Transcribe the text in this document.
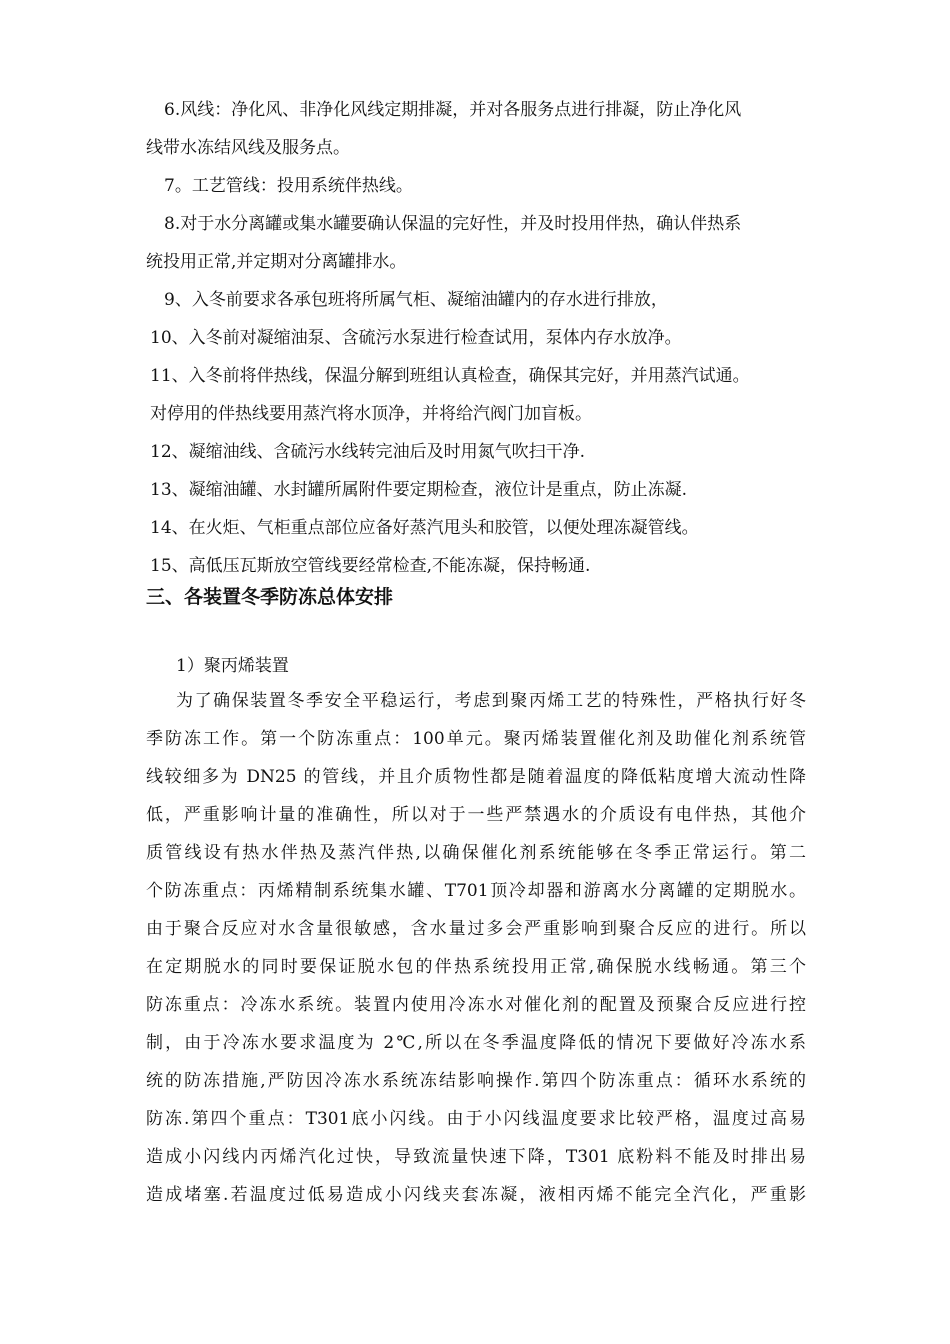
6.风线：净化风、非净化风线定期排凝，并对各服务点进行排凝，防止净化风
线带水冻结风线及服务点。
7。工艺管线：投用系统伴热线。
8.对于水分离罐或集水罐要确认保温的完好性，并及时投用伴热，确认伴热系
统投用正常,并定期对分离罐排水。
9、入冬前要求各承包班将所属气柜、凝缩油罐内的存水进行排放，
10、入冬前对凝缩油泵、含硫污水泵进行检查试用，泵体内存水放净。
11、入冬前将伴热线，保温分解到班组认真检查，确保其完好，并用蒸汽试通。
对停用的伴热线要用蒸汽将水顶净，并将给汽阀门加盲板。
12、凝缩油线、含硫污水线转完油后及时用氮气吹扫干净.
13、凝缩油罐、水封罐所属附件要定期检查，液位计是重点，防止冻凝.
14、在火炬、气柜重点部位应备好蒸汽甩头和胶管，以便处理冻凝管线。
15、高低压瓦斯放空管线要经常检查,不能冻凝，保持畅通.
三、各装置冬季防冻总体安排
1）聚丙烯装置
为了确保装置冬季安全平稳运行，考虑到聚丙烯工艺的特殊性，严格执行好冬
季防冻工作。第一个防冻重点：100单元。聚丙烯装置催化剂及助催化剂系统管
线较细多为 DN25 的管线，并且介质物性都是随着温度的降低粘度增大流动性降
低，严重影响计量的准确性，所以对于一些严禁遇水的介质设有电伴热，其他介
质管线设有热水伴热及蒸汽伴热,以确保催化剂系统能够在冬季正常运行。第二
个防冻重点：丙烯精制系统集水罐、T701顶冷却器和游离水分离罐的定期脱水。
由于聚合反应对水含量很敏感，含水量过多会严重影响到聚合反应的进行。所以
在定期脱水的同时要保证脱水包的伴热系统投用正常,确保脱水线畅通。第三个
防冻重点：冷冻水系统。装置内使用冷冻水对催化剂的配置及预聚合反应进行控
制，由于冷冻水要求温度为 2℃,所以在冬季温度降低的情况下要做好冷冻水系
统的防冻措施,严防因冷冻水系统冻结影响操作.第四个防冻重点：循环水系统的
防冻.第四个重点：T301底小闪线。由于小闪线温度要求比较严格，温度过高易
造成小闪线内丙烯汽化过快，导致流量快速下降，T301 底粉料不能及时排出易
造成堵塞.若温度过低易造成小闪线夹套冻凝，液相丙烯不能完全汽化，严重影
